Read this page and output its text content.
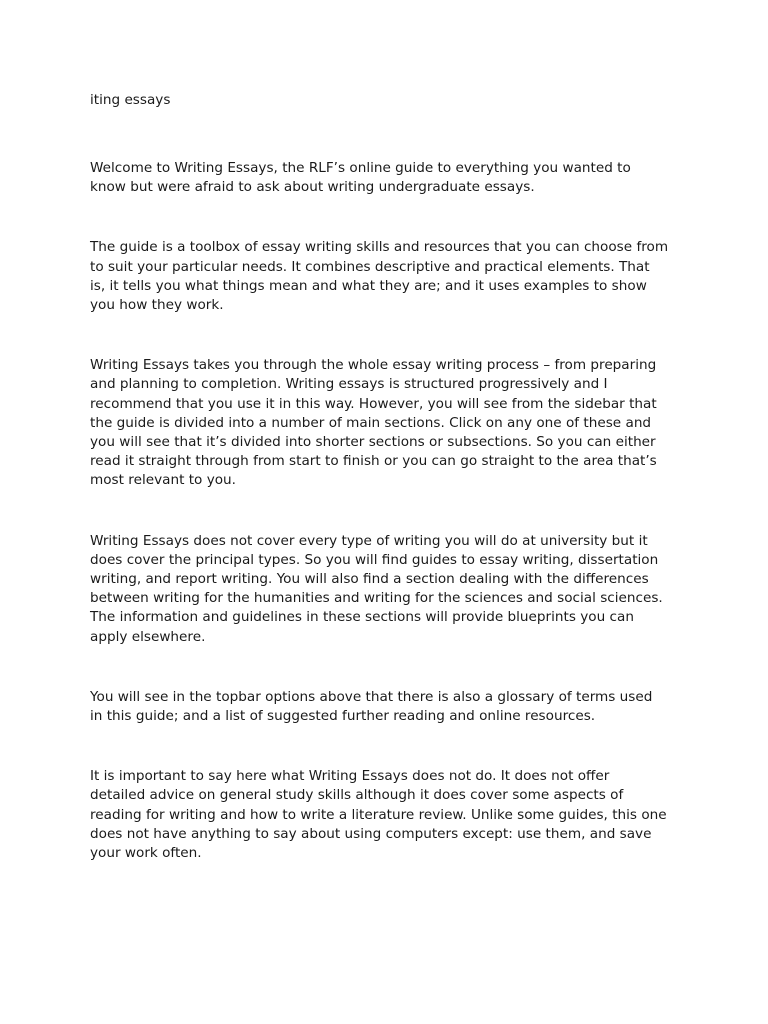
iting essays

Welcome to Writing Essays, the RLF’s online guide to everything you wanted to
know but were afraid to ask about writing undergraduate essays.

The guide is a toolbox of essay writing skills and resources that you can choose from
to suit your particular needs. It combines descriptive and practical elements. That
is, it tells you what things mean and what they are; and it uses examples to show
you how they work.

Writing Essays takes you through the whole essay writing process – from preparing
and planning to completion. Writing essays is structured progressively and I
recommend that you use it in this way. However, you will see from the sidebar that
the guide is divided into a number of main sections. Click on any one of these and
you will see that it’s divided into shorter sections or subsections. So you can either
read it straight through from start to finish or you can go straight to the area that’s
most relevant to you.

Writing Essays does not cover every type of writing you will do at university but it
does cover the principal types. So you will find guides to essay writing, dissertation
writing, and report writing. You will also find a section dealing with the differences
between writing for the humanities and writing for the sciences and social sciences.
The information and guidelines in these sections will provide blueprints you can
apply elsewhere.

You will see in the topbar options above that there is also a glossary of terms used
in this guide; and a list of suggested further reading and online resources.

It is important to say here what Writing Essays does not do. It does not offer
detailed advice on general study skills although it does cover some aspects of
reading for writing and how to write a literature review. Unlike some guides, this one
does not have anything to say about using computers except: use them, and save
your work often.
